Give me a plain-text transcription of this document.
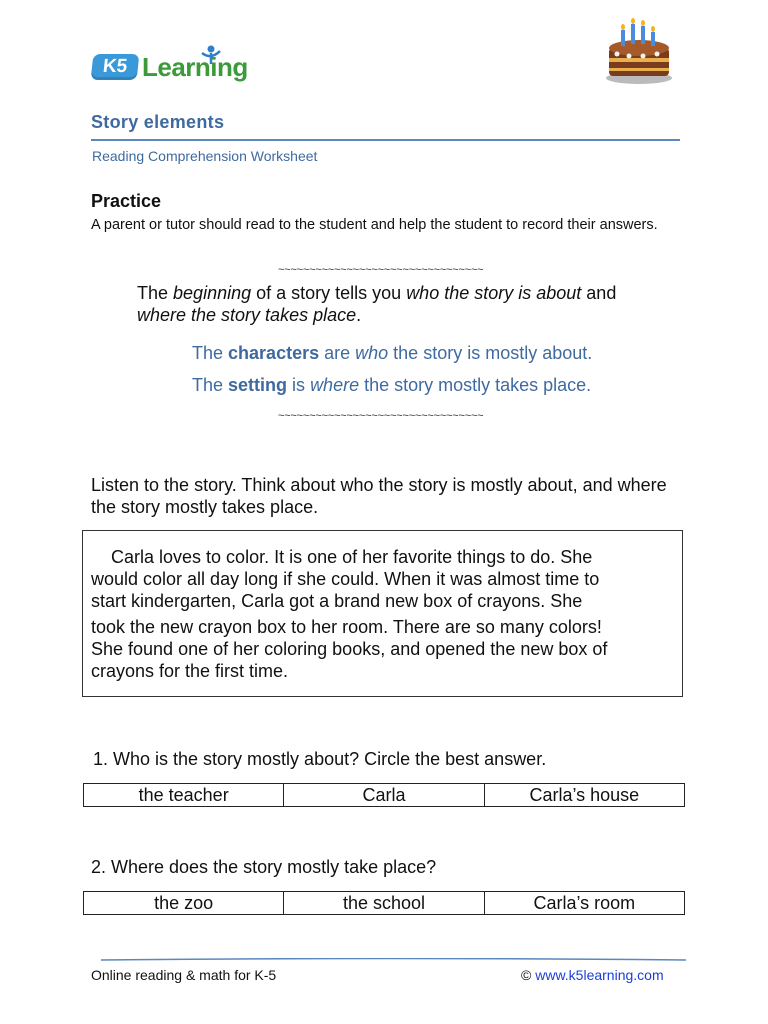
K5 Learning
Story elements
Reading Comprehension Worksheet
Practice
A parent or tutor should read to the student and help the student to record their answers.
~~~~~~~~~~~~~~~~~~~~~~~~~~~~~~~~~
The beginning of a story tells you who the story is about and
where the story takes place.
The characters are who the story is mostly about.
The setting is where the story mostly takes place.
~~~~~~~~~~~~~~~~~~~~~~~~~~~~~~~~~
Listen to the story. Think about who the story is mostly about, and where the story mostly takes place.
Carla loves to color. It is one of her favorite things to do. She
would color all day long if she could. When it was almost time to
start kindergarten, Carla got a brand new box of crayons. She
took the new crayon box to her room. There are so many colors!
She found one of her coloring books, and opened the new box of
crayons for the first time.
1. Who is the story mostly about? Circle the best answer.
the teacher	Carla	Carla’s house
2. Where does the story mostly take place?
the zoo	the school	Carla’s room
Online reading & math for K-5	© www.k5learning.com
